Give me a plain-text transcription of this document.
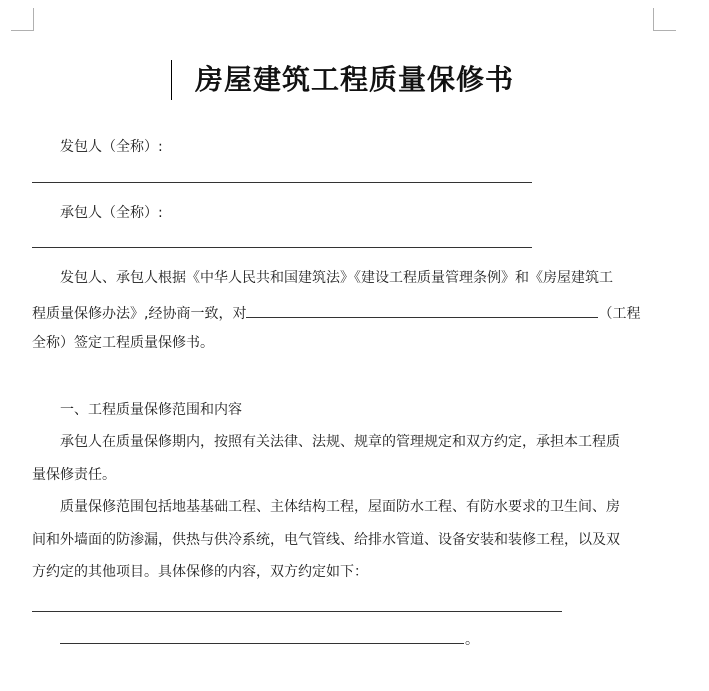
房屋建筑工程质量保修书
发包人（全称）:
承包人（全称）:
发包人、承包人根据《中华人民共和国建筑法》《建设工程质量管理条例》和《房屋建筑工
程质量保修办法》,经协商一致，对	（工程
全称）签定工程质量保修书。
一、工程质量保修范围和内容
承包人在质量保修期内，按照有关法律、法规、规章的管理规定和双方约定，承担本工程质
量保修责任。
质量保修范围包括地基基础工程、主体结构工程，屋面防水工程、有防水要求的卫生间、房
间和外墙面的防渗漏，供热与供冷系统，电气管线、给排水管道、设备安装和装修工程，以及双
方约定的其他项目。具体保修的内容，双方约定如下：
。
